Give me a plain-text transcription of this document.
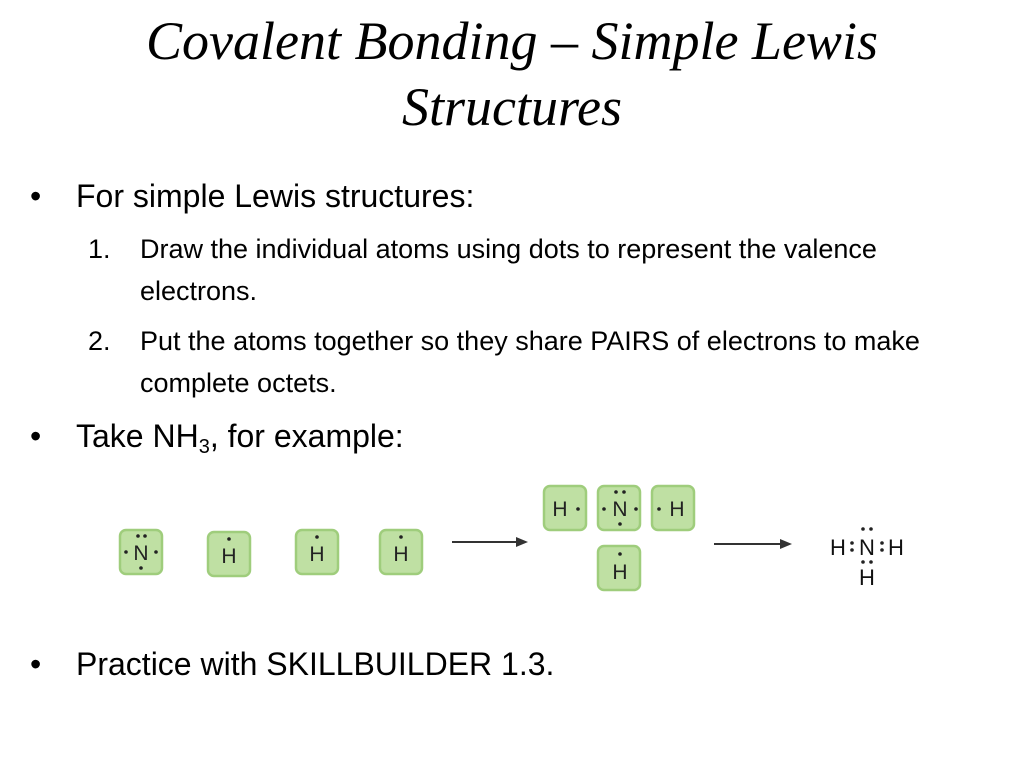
Covalent Bonding – Simple Lewis
Structures
• For simple Lewis structures:
1. Draw the individual atoms using dots to represent the valence electrons.
2. Put the atoms together so they share PAIRS of electrons to make complete octets.
• Take $NH_3$, for example:
N	H	H	H
H N H
H
H N H
H
• Practice with SKILLBUILDER 1.3.
